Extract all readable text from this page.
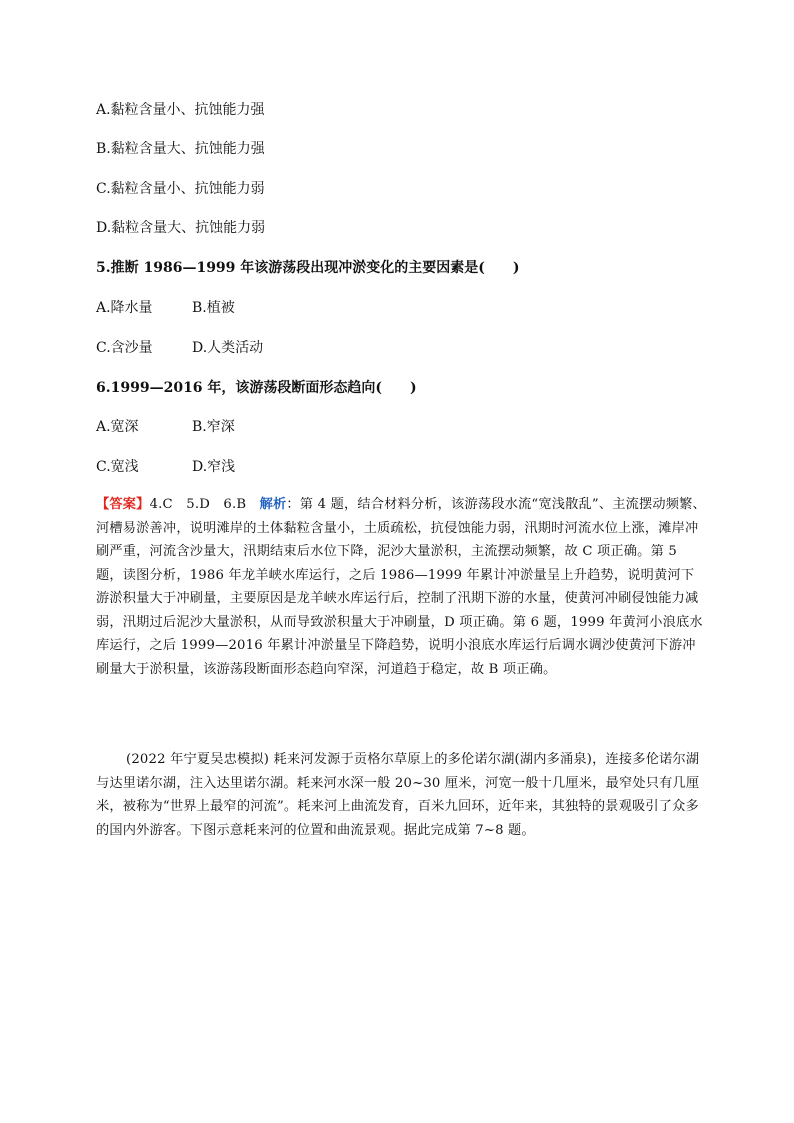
A.黏粒含量小、抗蚀能力强
B.黏粒含量大、抗蚀能力强
C.黏粒含量小、抗蚀能力弱
D.黏粒含量大、抗蚀能力弱
5.推断 1986—1999 年该游荡段出现冲淤变化的主要因素是(　　)
A.降水量	B.植被
C.含沙量	D.人类活动
6.1999—2016 年，该游荡段断面形态趋向(　　)
A.宽深	B.窄深
C.宽浅	D.窄浅
【答案】4.C　5.D　6.B　解析：第 4 题，结合材料分析，该游荡段水流“宽浅散乱”、主流摆动频繁、河槽易淤善冲，说明滩岸的土体黏粒含量小，土质疏松，抗侵蚀能力弱，汛期时河流水位上涨，滩岸冲刷严重，河流含沙量大，汛期结束后水位下降，泥沙大量淤积，主流摆动频繁，故 C 项正确。第 5 题，读图分析，1986 年龙羊峡水库运行，之后 1986—1999 年累计冲淤量呈上升趋势，说明黄河下游淤积量大于冲刷量，主要原因是龙羊峡水库运行后，控制了汛期下游的水量，使黄河冲刷侵蚀能力减弱，汛期过后泥沙大量淤积，从而导致淤积量大于冲刷量，D 项正确。第 6 题，1999 年黄河小浪底水库运行，之后 1999—2016 年累计冲淤量呈下降趋势，说明小浪底水库运行后调水调沙使黄河下游冲刷量大于淤积量，该游荡段断面形态趋向窄深，河道趋于稳定，故 B 项正确。
(2022 年宁夏吴忠模拟) 耗来河发源于贡格尔草原上的多伦诺尔湖(湖内多涌泉)，连接多伦诺尔湖与达里诺尔湖，注入达里诺尔湖。耗来河水深一般 20~30 厘米，河宽一般十几厘米，最窄处只有几厘米，被称为“世界上最窄的河流”。耗来河上曲流发育，百米九回环，近年来，其独特的景观吸引了众多的国内外游客。下图示意耗来河的位置和曲流景观。据此完成第 7~8 题。
